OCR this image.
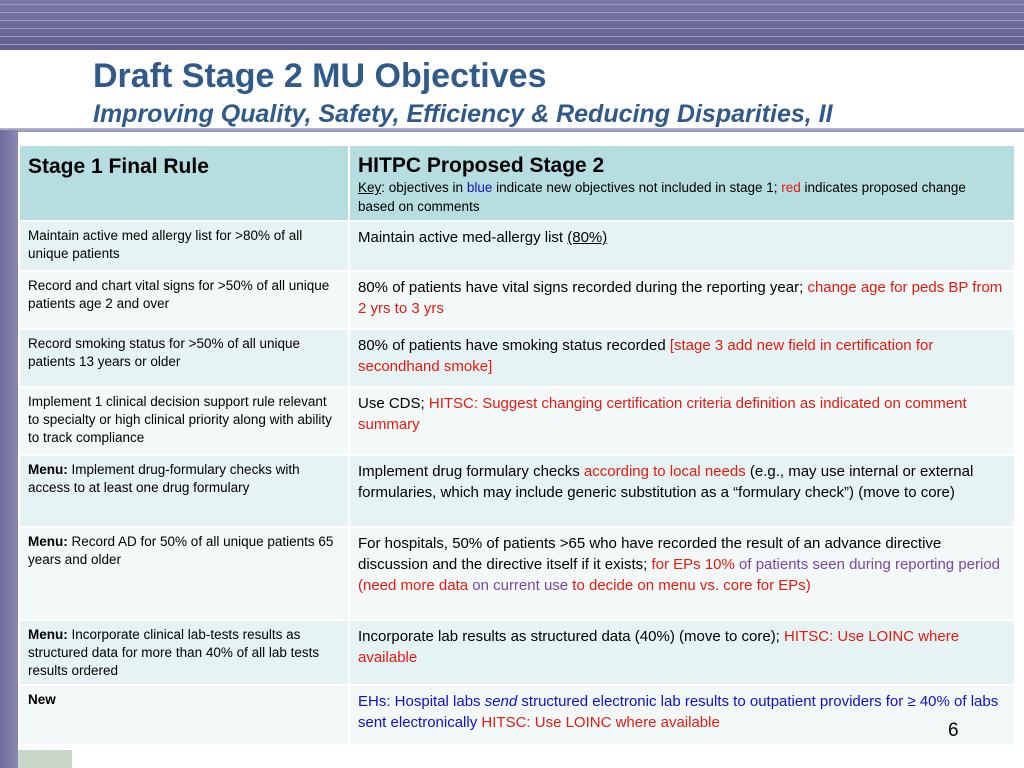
Draft Stage 2 MU Objectives
Improving Quality, Safety, Efficiency & Reducing Disparities, II
Stage 1 Final Rule	HITPC Proposed Stage 2
Key: objectives in blue indicate new objectives not included in stage 1; red indicates proposed change based on comments

Maintain active med allergy list for >80% of all unique patients	Maintain active med-allergy list (80%)
Record and chart vital signs for >50% of all unique patients age 2 and over	80% of patients have vital signs recorded during the reporting year; change age for peds BP from 2 yrs to 3 yrs
Record smoking status for >50% of all unique patients 13 years or older	80% of patients have smoking status recorded [stage 3 add new field in certification for secondhand smoke]
Implement 1 clinical decision support rule relevant to specialty or high clinical priority along with ability to track compliance	Use CDS; HITSC: Suggest changing certification criteria definition as indicated on comment summary
Menu: Implement drug-formulary checks with access to at least one drug formulary	Implement drug formulary checks according to local needs (e.g., may use internal or external formularies, which may include generic substitution as a “formulary check”) (move to core)
Menu: Record AD for 50% of all unique patients 65 years and older	For hospitals, 50% of patients >65 who have recorded the result of an advance directive discussion and the directive itself if it exists; for EPs 10% of patients seen during reporting period (need more data on current use to decide on menu vs. core for EPs)
Menu: Incorporate clinical lab-tests results as structured data for more than 40% of all lab tests results ordered	Incorporate lab results as structured data (40%) (move to core); HITSC: Use LOINC where available
New	EHs: Hospital labs send structured electronic lab results to outpatient providers for ≥ 40% of labs sent electronically HITSC: Use LOINC where available	6
